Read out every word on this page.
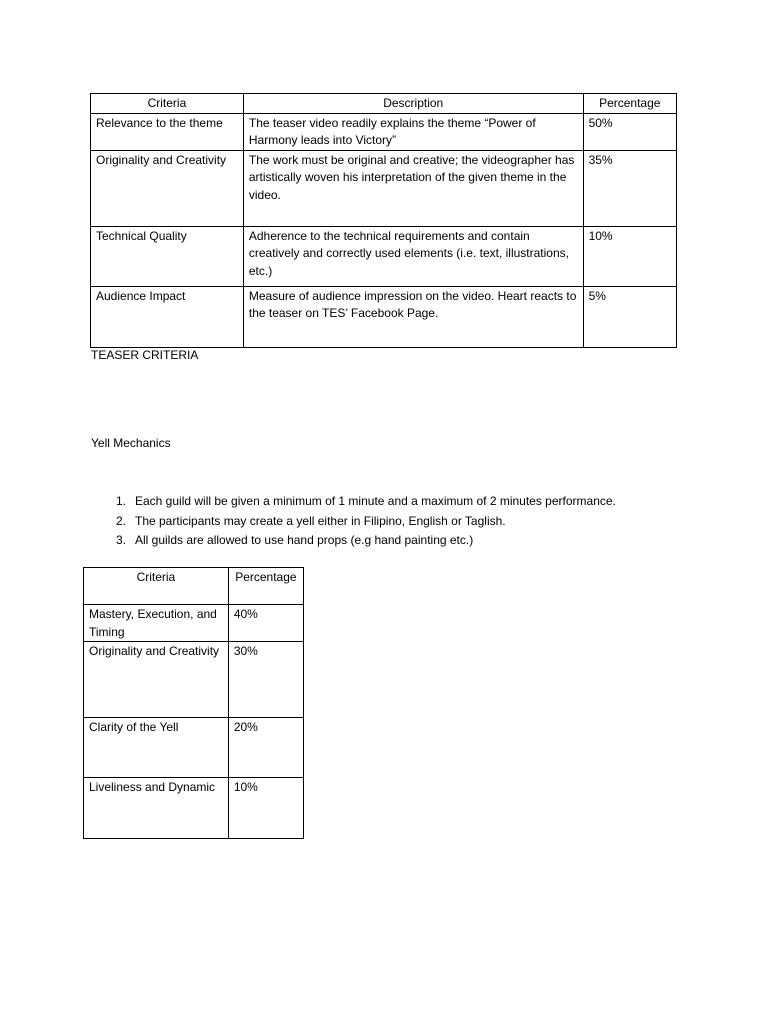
Criteria	Description	Percentage
Relevance to the theme	The teaser video readily explains the theme “Power of Harmony leads into Victory”	50%
Originality and Creativity	The work must be original and creative; the videographer has artistically woven his interpretation of the given theme in the video.	35%
Technical Quality	Adherence to the technical requirements and contain creatively and correctly used elements (i.e. text, illustrations, etc.)	10%
Audience Impact	Measure of audience impression on the video. Heart reacts to the teaser on TES’ Facebook Page.	5%
TEASER CRITERIA
Yell Mechanics
1. Each guild will be given a minimum of 1 minute and a maximum of 2 minutes performance.
2. The participants may create a yell either in Filipino, English or Taglish.
3. All guilds are allowed to use hand props (e.g hand painting etc.)
Criteria	Percentage
Mastery, Execution, and Timing	40%
Originality and Creativity	30%
Clarity of the Yell	20%
Liveliness and Dynamic	10%
